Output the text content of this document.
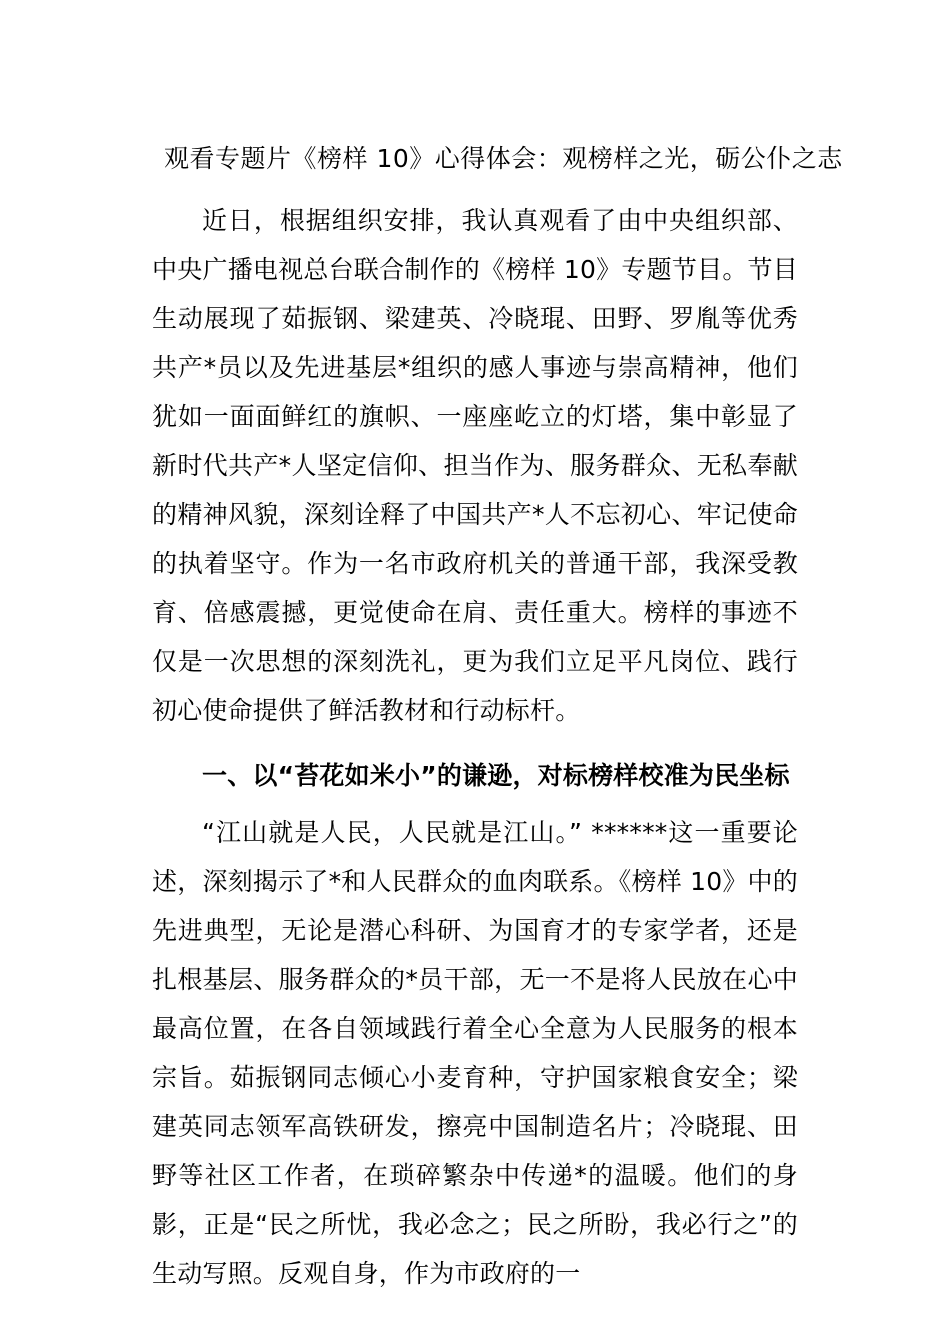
观看专题片《榜样 10》心得体会：观榜样之光，砺公仆之志

近日，根据组织安排，我认真观看了由中央组织部、中央广播电视总台联合制作的《榜样 10》专题节目。节目生动展现了茹振钢、梁建英、冷晓琨、田野、罗胤等优秀共产*员以及先进基层*组织的感人事迹与崇高精神，他们犹如一面面鲜红的旗帜、一座座屹立的灯塔，集中彰显了新时代共产*人坚定信仰、担当作为、服务群众、无私奉献的精神风貌，深刻诠释了中国共产*人不忘初心、牢记使命的执着坚守。作为一名市政府机关的普通干部，我深受教育、倍感震撼，更觉使命在肩、责任重大。榜样的事迹不仅是一次思想的深刻洗礼，更为我们立足平凡岗位、践行初心使命提供了鲜活教材和行动标杆。

一、以“苔花如米小”的谦逊，对标榜样校准为民坐标

“江山就是人民，人民就是江山。” ******这一重要论述，深刻揭示了*和人民群众的血肉联系。《榜样 10》中的先进典型，无论是潜心科研、为国育才的专家学者，还是扎根基层、服务群众的*员干部，无一不是将人民放在心中最高位置，在各自领域践行着全心全意为人民服务的根本宗旨。茹振钢同志倾心小麦育种，守护国家粮食安全；梁建英同志领军高铁研发，擦亮中国制造名片；冷晓琨、田野等社区工作者，在琐碎繁杂中传递*的温暖。他们的身影，正是“民之所忧，我必念之；民之所盼，我必行之”的生动写照。反观自身，作为市政府的一
